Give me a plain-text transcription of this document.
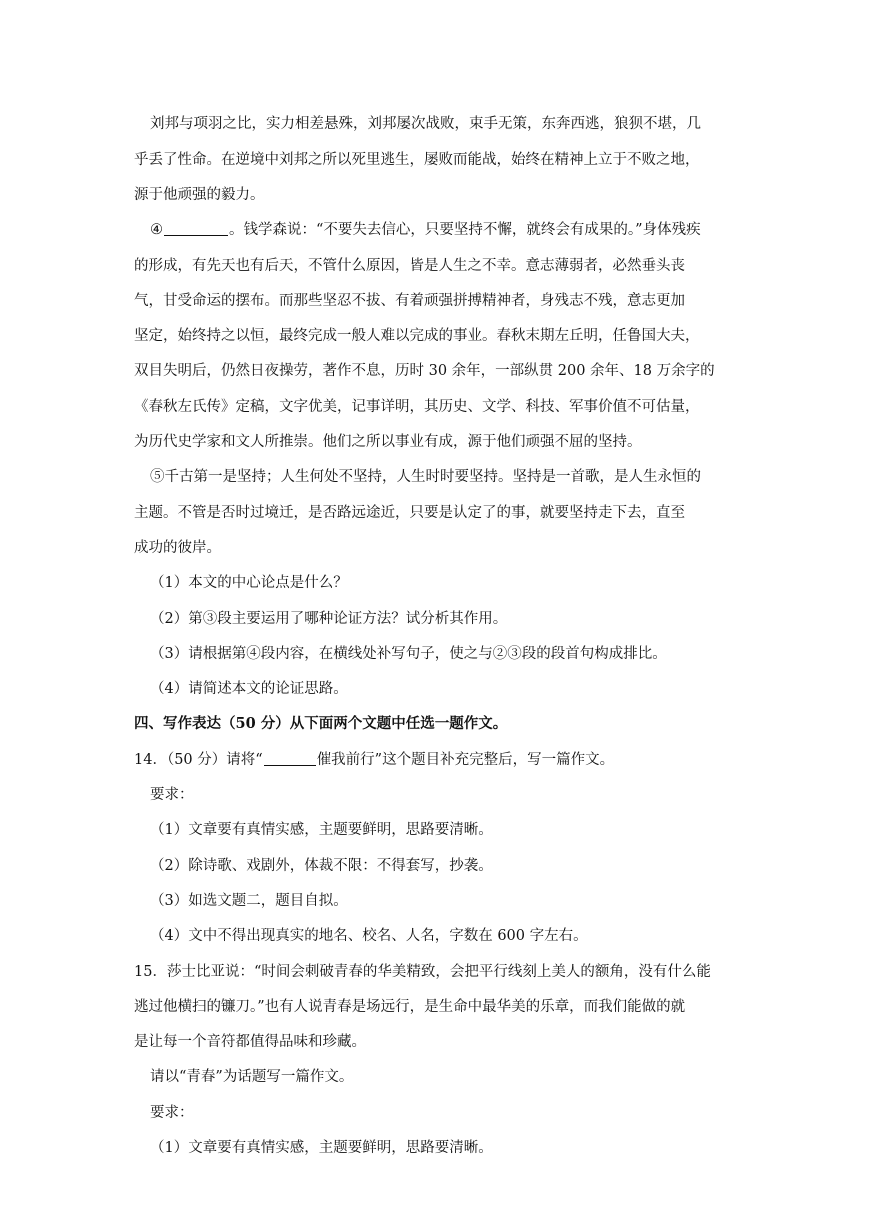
刘邦与项羽之比，实力相差悬殊，刘邦屡次战败，束手无策，东奔西逃，狼狈不堪，几
乎丢了性命。在逆境中刘邦之所以死里逃生，屡败而能战，始终在精神上立于不败之地，
源于他顽强的毅力。
④	。钱学森说：“不要失去信心，只要坚持不懈，就终会有成果的。”身体残疾
的形成，有先天也有后天，不管什么原因，皆是人生之不幸。意志薄弱者，必然垂头丧
气，甘受命运的摆布。而那些坚忍不拔、有着顽强拼搏精神者，身残志不残，意志更加
坚定，始终持之以恒，最终完成一般人难以完成的事业。春秋末期左丘明，任鲁国大夫，
双目失明后，仍然日夜操劳，著作不息，历时 30 余年，一部纵贯 200 余年、18 万余字的
《春秋左氏传》定稿，文字优美，记事详明，其历史、文学、科技、军事价值不可估量，
为历代史学家和文人所推崇。他们之所以事业有成，源于他们顽强不屈的坚持。
⑤千古第一是坚持；人生何处不坚持，人生时时要坚持。坚持是一首歌，是人生永恒的
主题。不管是否时过境迁，是否路远途近，只要是认定了的事，就要坚持走下去，直至
成功的彼岸。
（1）本文的中心论点是什么？
（2）第③段主要运用了哪种论证方法？试分析其作用。
（3）请根据第④段内容，在横线处补写句子，使之与②③段的段首句构成排比。
（4）请简述本文的论证思路。
四、写作表达（50 分）从下面两个文题中任选一题作文。
14．（50 分）请将“	催我前行”这个题目补充完整后，写一篇作文。
要求：
（1）文章要有真情实感，主题要鲜明，思路要清晰。
（2）除诗歌、戏剧外，体裁不限：不得套写，抄袭。
（3）如选文题二，题目自拟。
（4）文中不得出现真实的地名、校名、人名，字数在 600 字左右。
15．莎士比亚说：“时间会刺破青春的华美精致，会把平行线刻上美人的额角，没有什么能
逃过他横扫的镰刀。”也有人说青春是场远行，是生命中最华美的乐章，而我们能做的就
是让每一个音符都值得品味和珍藏。
请以“青春”为话题写一篇作文。
要求：
（1）文章要有真情实感，主题要鲜明，思路要清晰。
